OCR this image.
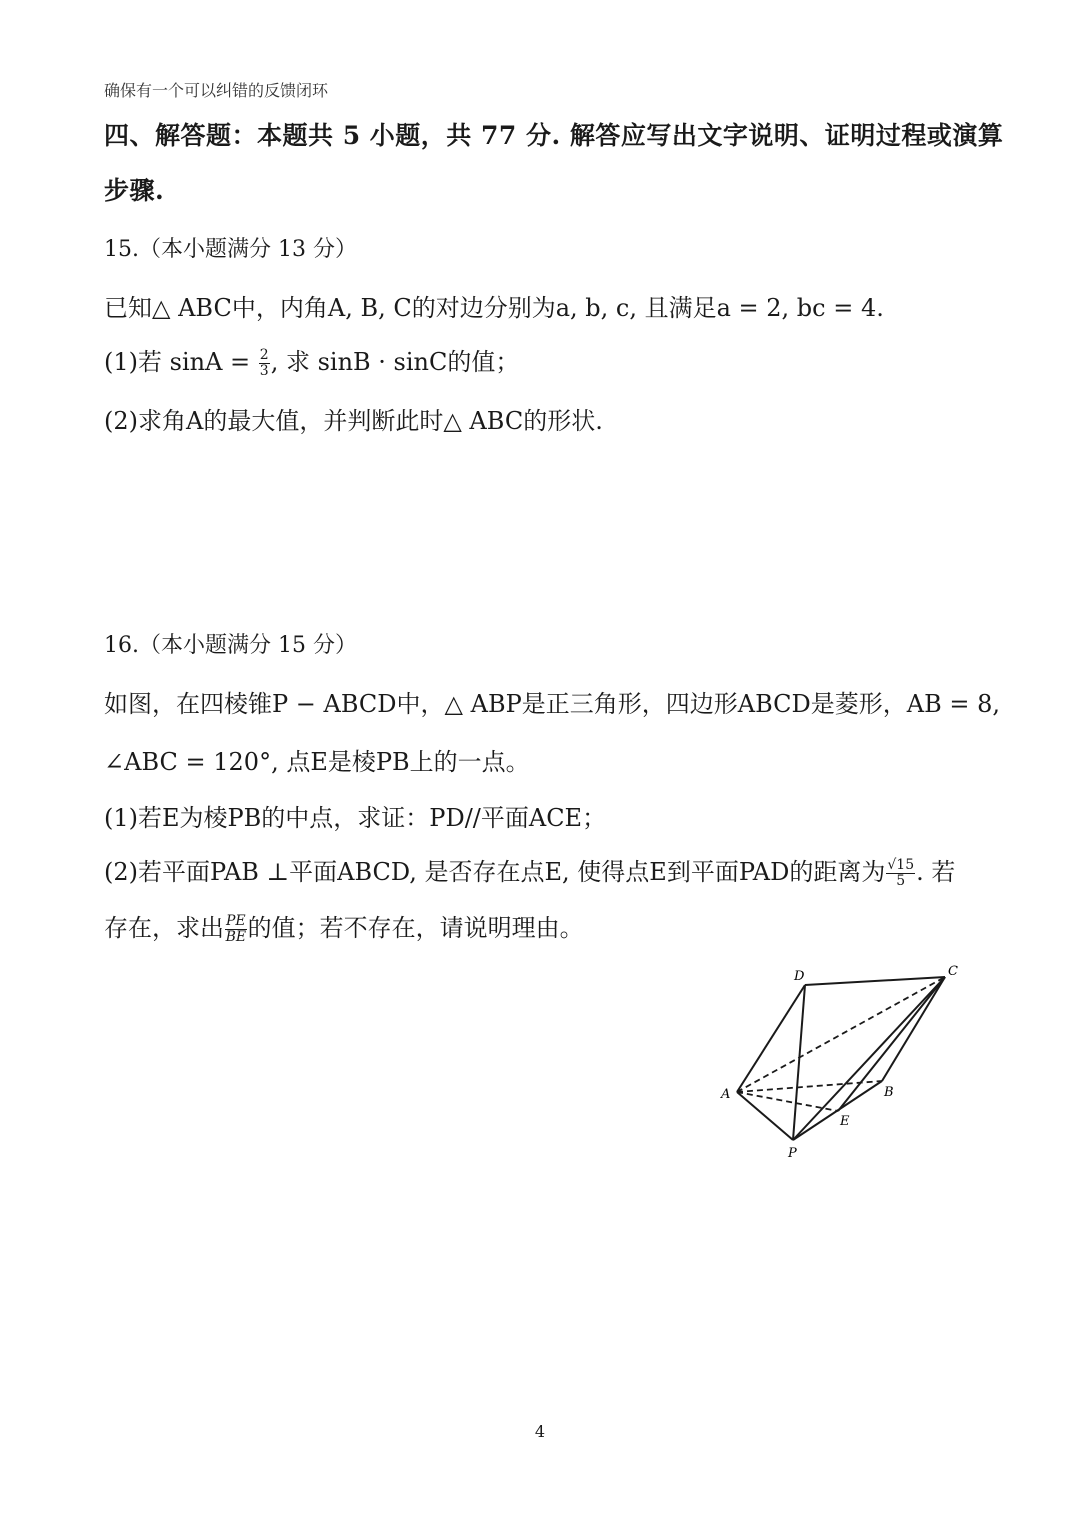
确保有一个可以纠错的反馈闭环
四、解答题：本题共 5 小题，共 77 分. 解答应写出文字说明、证明过程或演算
步骤.
15.（本小题满分 13 分）
已知△ ABC中，内角A, B, C的对边分别为a, b, c, 且满足a = 2, bc = 4.
(1)若 $\sin A = \frac{2}{3}$ , 求 sinB · sinC的值；
(2)求角A的最大值，并判断此时△ ABC的形状.
16.（本小题满分 15 分）
如图，在四棱锥P − ABCD中，△ ABP是正三角形，四边形ABCD是菱形，AB = 8,
∠ABC = 120°, 点E是棱PB上的一点。
(1)若E为棱PB的中点，求证：PD//平面ACE；
(2)若平面PAB ⊥平面ABCD, 是否存在点E, 使得点E到平面PAD的距离为 $\frac{√15}{5}$ . 若
存在，求出 $\frac{PE}{BE}$ 的值；若不存在，请说明理由。
D	C
A	B
E
P
4
